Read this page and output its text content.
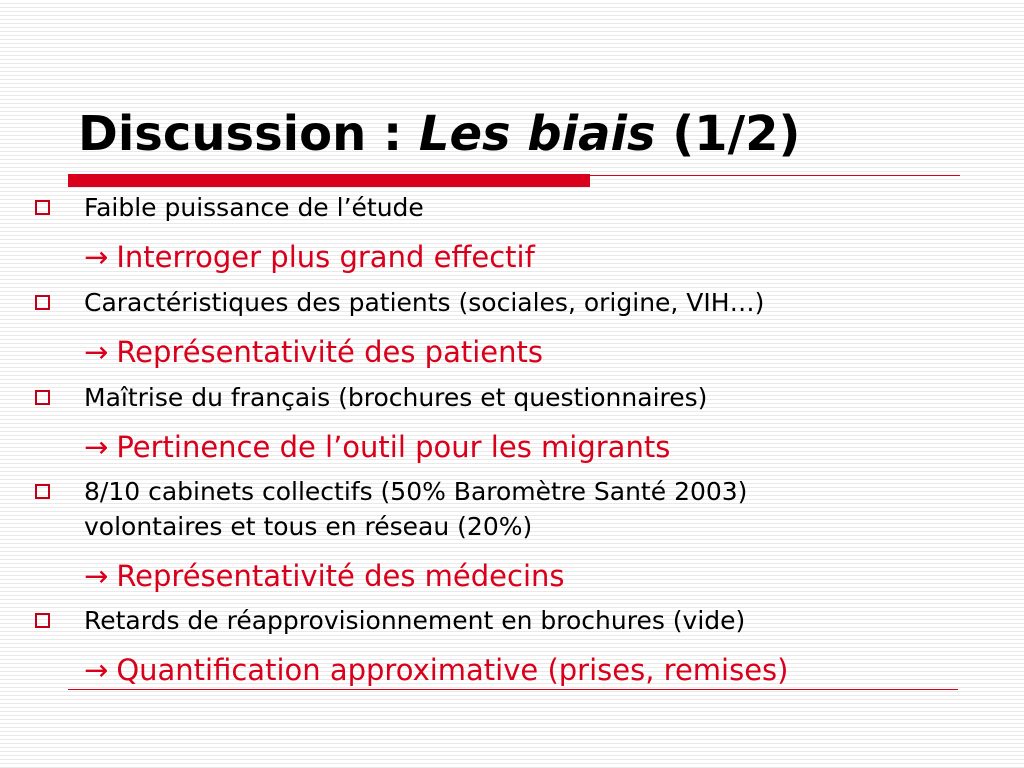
Discussion : Les biais (1/2)
Faible puissance de l’étude
→ Interroger plus grand effectif
Caractéristiques des patients (sociales, origine, VIH…)
→ Représentativité des patients
Maîtrise du français (brochures et questionnaires)
→ Pertinence de l’outil pour les migrants
8/10 cabinets collectifs (50% Baromètre Santé 2003)
volontaires et tous en réseau (20%)
→ Représentativité des médecins
Retards de réapprovisionnement en brochures (vide)
→ Quantification approximative (prises, remises)
